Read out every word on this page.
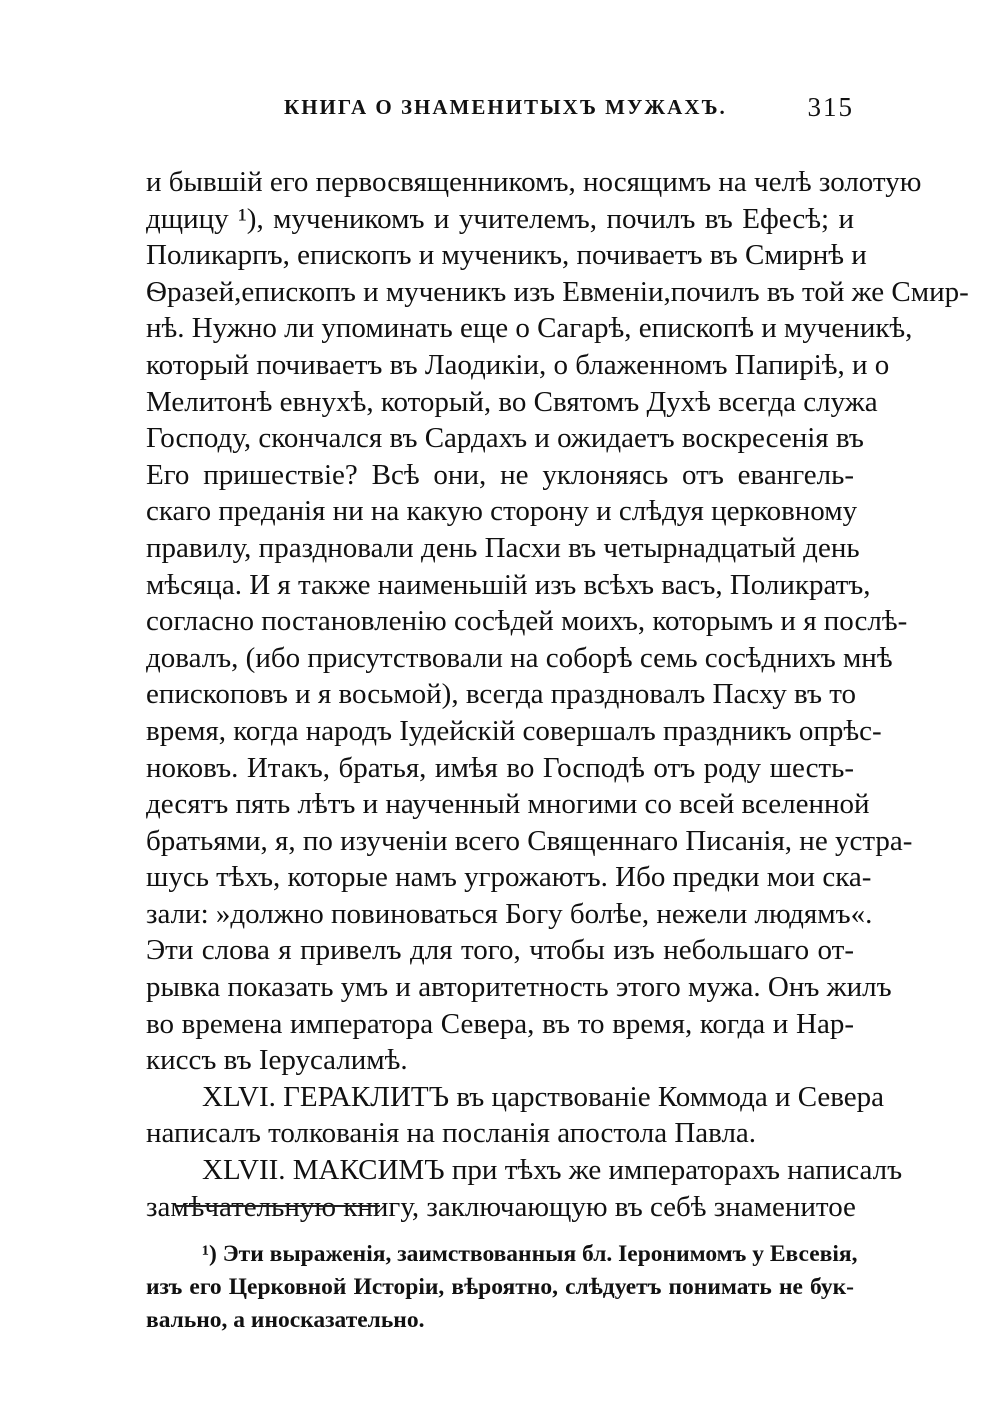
КНИГА О ЗНАМЕНИТЫХЪ МУЖАХЪ.	315
и бывшій его первосвященникомъ, носящимъ на челѣ золотую
дщицу ¹), мученикомъ и учителемъ, почилъ въ Ефесѣ; и
Поликарпъ, епископъ и мученикъ, почиваетъ въ Смирнѣ и
Ѳразей,епископъ и мученикъ изъ Евменіи,почилъ въ той же Смир-
нѣ. Нужно ли упоминать еще о Сагарѣ, епископѣ и мученикѣ,
который почиваетъ въ Лаодикіи, о блаженномъ Папиріѣ, и о
Мелитонѣ евнухѣ, который, во Святомъ Духѣ всегда служа
Господу, скончался въ Сардахъ и ожидаетъ воскресенія въ
Его пришествіе? Всѣ они, не уклоняясь отъ евангель-
скаго преданія ни на какую сторону и слѣдуя церковному
правилу, праздновали день Пасхи въ четырнадцатый день
мѣсяца. И я также наименьшій изъ всѣхъ васъ, Поликратъ,
согласно постановленію сосѣдей моихъ, которымъ и я послѣ-
довалъ, (ибо присутствовали на соборѣ семь сосѣднихъ мнѣ
епископовъ и я восьмой), всегда праздновалъ Пасху въ то
время, когда народъ Іудейскій совершалъ праздникъ опрѣс-
ноковъ. Итакъ, братья, имѣя во Господѣ отъ роду шесть-
десятъ пять лѣтъ и наученный многими со всей вселенной
братьями, я, по изученіи всего Священнаго Писанія, не устра-
шусь тѣхъ, которые намъ угрожаютъ. Ибо предки мои ска-
зали: »должно повиноваться Богу болѣе, нежели людямъ«.
Эти слова я привелъ для того, чтобы изъ небольшаго от-
рывка показать умъ и авторитетность этого мужа. Онъ жилъ
во времена императора Севера, въ то время, когда и Нар-
киссъ въ Іерусалимѣ.
XLVI. ГЕРАКЛИТЪ въ царствованіе Коммода и Севера
написалъ толкованія на посланія апостола Павла.
XLVII. МАКСИМЪ при тѣхъ же императорахъ написалъ
замѣчательную книгу, заключающую въ себѣ знаменитое
¹) Эти выраженія, заимствованныя бл. Іеронимомъ у Евсевія,
изъ его Церковной Исторіи, вѣроятно, слѣдуетъ понимать не бук-
вально, а иносказательно.
